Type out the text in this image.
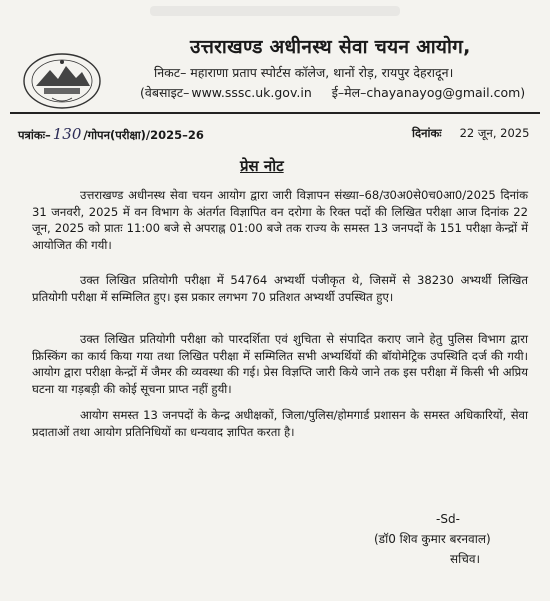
उत्तराखण्ड अधीनस्थ सेवा चयन आयोग,
निकट– महाराणा प्रताप स्पोर्टस कॉलेज, थानों रोड़, रायपुर देहरादून।
(वेबसाइट– www.sssc.uk.gov.in ई–मेल–chayanayog@gmail.com)
पत्रांकः– 130 /गोपन(परीक्षा)/2025–26	दिनांकः 22 जून, 2025
प्रेस नोट

उत्तराखण्ड अधीनस्थ सेवा चयन आयोग द्वारा जारी विज्ञापन संख्या–68/उ0अ0से0च0आ0/2025 दिनांक 31 जनवरी, 2025 में वन विभाग के अंतर्गत विज्ञापित वन दरोगा के रिक्त पदों की लिखित परीक्षा आज दिनांक 22 जून, 2025 को प्रातः 11:00 बजे से अपराह्न 01:00 बजे तक राज्य के समस्त 13 जनपदों के 151 परीक्षा केन्द्रों में आयोजित की गयी।

उक्त लिखित प्रतियोगी परीक्षा में 54764 अभ्यर्थी पंजीकृत थे, जिसमें से 38230 अभ्यर्थी लिखित प्रतियोगी परीक्षा में सम्मिलित हुए। इस प्रकार लगभग 70 प्रतिशत अभ्यर्थी उपस्थित हुए।

उक्त लिखित प्रतियोगी परीक्षा को पारदर्शिता एवं शुचिता से संपादित कराए जाने हेतु पुलिस विभाग द्वारा फ्रिस्किंग का कार्य किया गया तथा लिखित परीक्षा में सम्मिलित सभी अभ्यर्थियों की बॉयोमेट्रिक उपस्थिति दर्ज की गयी। आयोग द्वारा परीक्षा केन्द्रों में जैमर की व्यवस्था की गई। प्रेस विज्ञप्ति जारी किये जाने तक इस परीक्षा में किसी भी अप्रिय घटना या गड़बड़ी की कोई सूचना प्राप्त नहीं हुयी।

आयोग समस्त 13 जनपदों के केन्द्र अधीक्षकों, जिला/पुलिस/होमगार्ड प्रशासन के समस्त अधिकारियों, सेवा प्रदाताओं तथा आयोग प्रतिनिधियों का धन्यवाद ज्ञापित करता है।

-Sd-
(डॉ0 शिव कुमार बरनवाल)
सचिव।
